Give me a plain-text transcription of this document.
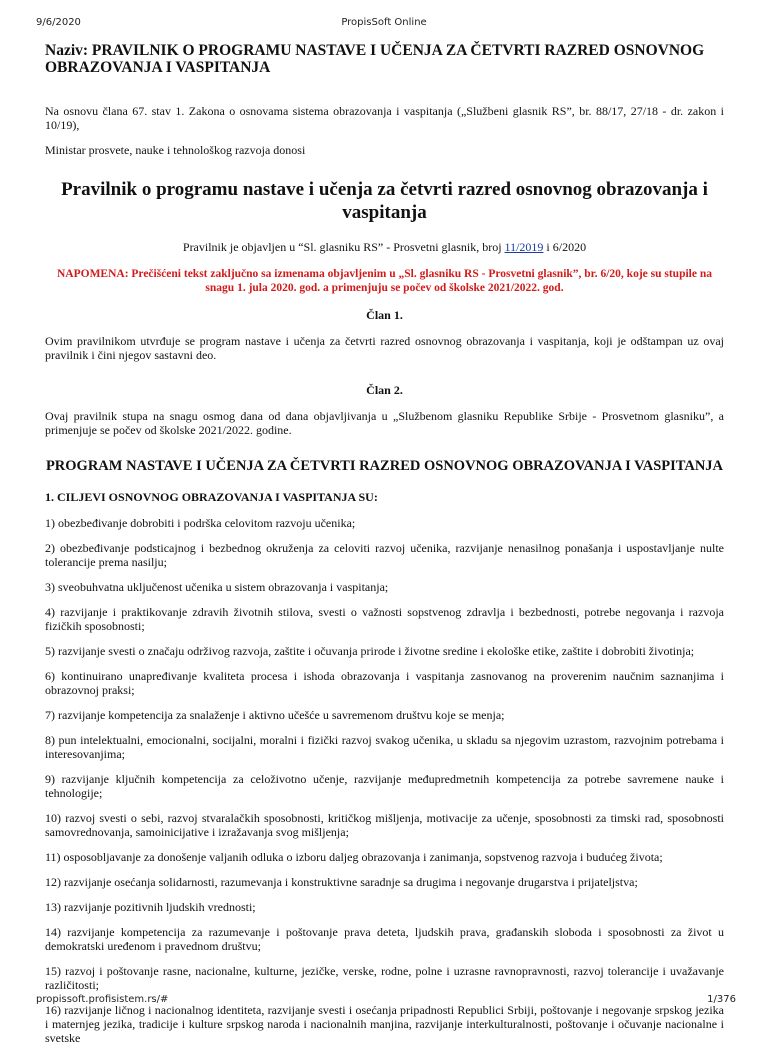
PropisSoft Online
9/6/2020
Naziv: PRAVILNIK O PROGRAMU NASTAVE I UČENJA ZA ČETVRTI RAZRED OSNOVNOG OBRAZOVANJA I VASPITANJA

Na osnovu člana 67. stav 1. Zakona o osnovama sistema obrazovanja i vaspitanja („Službeni glasnik RS”, br. 88/17, 27/18 - dr. zakon i 10/19),

Ministar prosvete, nauke i tehnološkog razvoja donosi

Pravilnik o programu nastave i učenja za četvrti razred osnovnog obrazovanja i vaspitanja

Pravilnik je objavljen u “Sl. glasniku RS” - Prosvetni glasnik, broj 11/2019 i 6/2020

NAPOMENA: Prečišćeni tekst zaključno sa izmenama objavljenim u „Sl. glasniku RS - Prosvetni glasnik”, br. 6/20, koje su stupile na snagu 1. jula 2020. god. a primenjuju se počev od školske 2021/2022. god.

Član 1.

Ovim pravilnikom utvrđuje se program nastave i učenja za četvrti razred osnovnog obrazovanja i vaspitanja, koji je odštampan uz ovaj pravilnik i čini njegov sastavni deo.

Član 2.

Ovaj pravilnik stupa na snagu osmog dana od dana objavljivanja u „Službenom glasniku Republike Srbije - Prosvetnom glasniku”, a primenjuje se počev od školske 2021/2022. godine.

PROGRAM NASTAVE I UČENJA ZA ČETVRTI RAZRED OSNOVNOG OBRAZOVANJA I VASPITANJA

1. CILJEVI OSNOVNOG OBRAZOVANJA I VASPITANJA SU:

1) obezbeđivanje dobrobiti i podrška celovitom razvoju učenika;

2) obezbeđivanje podsticajnog i bezbednog okruženja za celoviti razvoj učenika, razvijanje nenasilnog ponašanja i uspostavljanje nulte tolerancije prema nasilju;

3) sveobuhvatna uključenost učenika u sistem obrazovanja i vaspitanja;

4) razvijanje i praktikovanje zdravih životnih stilova, svesti o važnosti sopstvenog zdravlja i bezbednosti, potrebe negovanja i razvoja fizičkih sposobnosti;

5) razvijanje svesti o značaju održivog razvoja, zaštite i očuvanja prirode i životne sredine i ekološke etike, zaštite i dobrobiti životinja;

6) kontinuirano unapređivanje kvaliteta procesa i ishoda obrazovanja i vaspitanja zasnovanog na proverenim naučnim saznanjima i obrazovnoj praksi;

7) razvijanje kompetencija za snalaženje i aktivno učešće u savremenom društvu koje se menja;

8) pun intelektualni, emocionalni, socijalni, moralni i fizički razvoj svakog učenika, u skladu sa njegovim uzrastom, razvojnim potrebama i interesovanjima;

9) razvijanje ključnih kompetencija za celoživotno učenje, razvijanje međupredmetnih kompetencija za potrebe savremene nauke i tehnologije;

10) razvoj svesti o sebi, razvoj stvaralačkih sposobnosti, kritičkog mišljenja, motivacije za učenje, sposobnosti za timski rad, sposobnosti samovrednovanja, samoinicijative i izražavanja svog mišljenja;

11) osposobljavanje za donošenje valjanih odluka o izboru daljeg obrazovanja i zanimanja, sopstvenog razvoja i budućeg života;

12) razvijanje osećanja solidarnosti, razumevanja i konstruktivne saradnje sa drugima i negovanje drugarstva i prijateljstva;

13) razvijanje pozitivnih ljudskih vrednosti;

14) razvijanje kompetencija za razumevanje i poštovanje prava deteta, ljudskih prava, građanskih sloboda i sposobnosti za život u demokratski uređenom i pravednom društvu;

15) razvoj i poštovanje rasne, nacionalne, kulturne, jezičke, verske, rodne, polne i uzrasne ravnopravnosti, razvoj tolerancije i uvažavanje različitosti;

16) razvijanje ličnog i nacionalnog identiteta, razvijanje svesti i osećanja pripadnosti Republici Srbiji, poštovanje i negovanje srpskog jezika i maternjeg jezika, tradicije i kulture srpskog naroda i nacionalnih manjina, razvijanje interkulturalnosti, poštovanje i očuvanje nacionalne i svetske

propissoft.profisistem.rs/#	1/376
